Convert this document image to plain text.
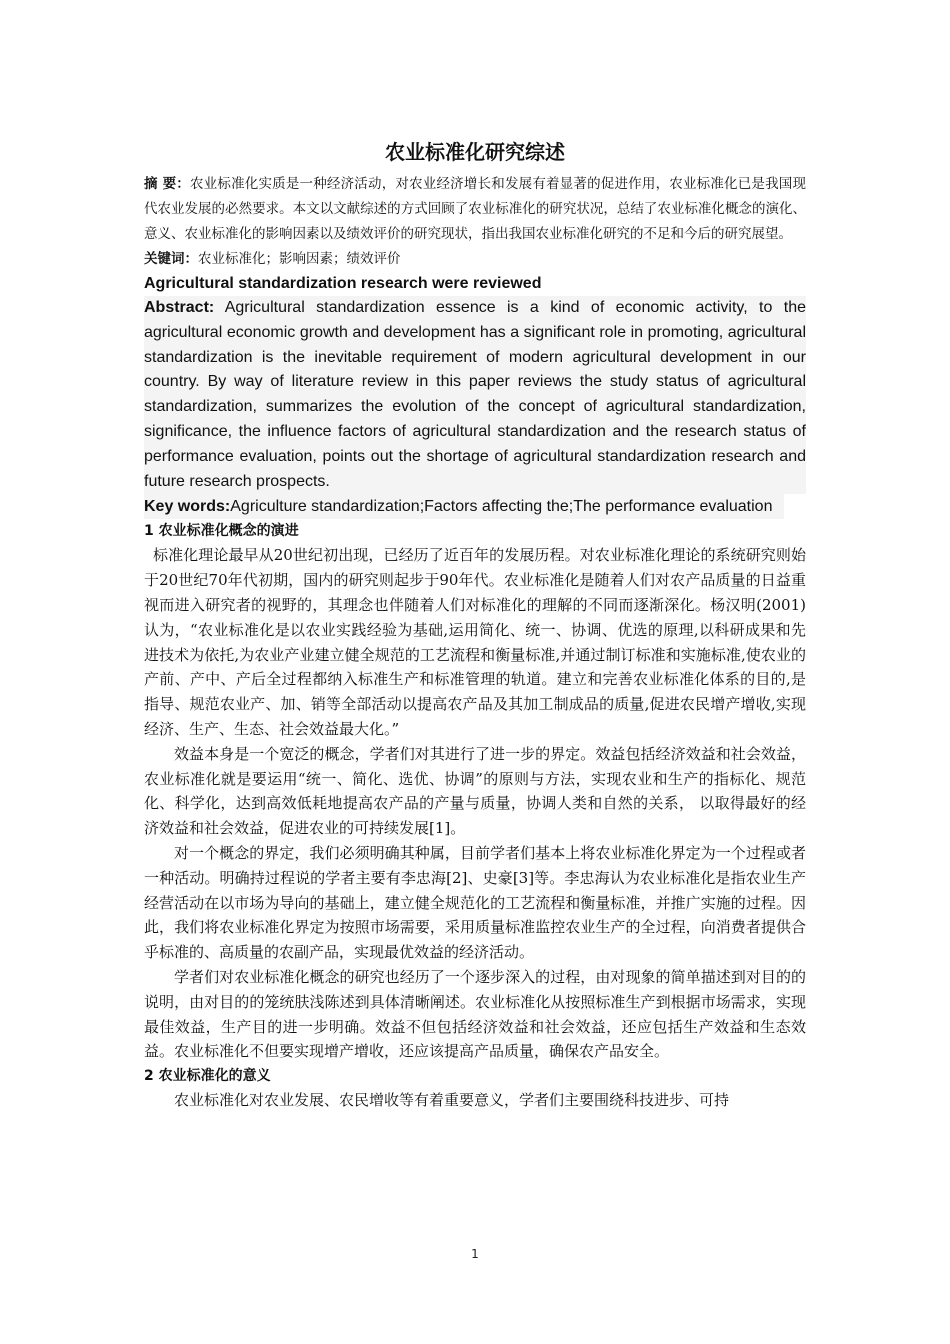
农业标准化研究综述

摘 要：农业标准化实质是一种经济活动，对农业经济增长和发展有着显著的促进作用，农业标准化已是我国现代农业发展的必然要求。本文以文献综述的方式回顾了农业标准化的研究状况，总结了农业标准化概念的演化、意义、农业标准化的影响因素以及绩效评价的研究现状，指出我国农业标准化研究的不足和今后的研究展望。

关键词：农业标准化；影响因素；绩效评价

Agricultural standardization research were reviewed

Abstract: Agricultural standardization essence is a kind of economic activity, to the agricultural economic growth and development has a significant role in promoting, agricultural standardization is the inevitable requirement of modern agricultural development in our country. By way of literature review in this paper reviews the study status of agricultural standardization, summarizes the evolution of the concept of agricultural standardization, significance, the influence factors of agricultural standardization and the research status of performance evaluation, points out the shortage of agricultural standardization research and future research prospects.

Key words:Agriculture standardization;Factors affecting the;The performance evaluation

1 农业标准化概念的演进

标准化理论最早从20世纪初出现，已经历了近百年的发展历程。对农业标准化理论的系统研究则始于20世纪70年代初期，国内的研究则起步于90年代。农业标准化是随着人们对农产品质量的日益重视而进入研究者的视野的，其理念也伴随着人们对标准化的理解的不同而逐渐深化。杨汉明(2001)认为，“农业标准化是以农业实践经验为基础,运用简化、统一、协调、优选的原理,以科研成果和先进技术为依托,为农业产业建立健全规范的工艺流程和衡量标准,并通过制订标准和实施标准,使农业的产前、产中、产后全过程都纳入标准生产和标准管理的轨道。建立和完善农业标准化体系的目的,是指导、规范农业产、加、销等全部活动以提高农产品及其加工制成品的质量,促进农民增产增收,实现经济、生产、生态、社会效益最大化。”

效益本身是一个宽泛的概念，学者们对其进行了进一步的界定。效益包括经济效益和社会效益，农业标准化就是要运用“统一、简化、选优、协调”的原则与方法，实现农业和生产的指标化、规范化、科学化，达到高效低耗地提高农产品的产量与质量，协调人类和自然的关系， 以取得最好的经济效益和社会效益，促进农业的可持续发展[1]。

对一个概念的界定，我们必须明确其种属，目前学者们基本上将农业标准化界定为一个过程或者一种活动。明确持过程说的学者主要有李忠海[2]、史豪[3]等。李忠海认为农业标准化是指农业生产经营活动在以市场为导向的基础上，建立健全规范化的工艺流程和衡量标准，并推广实施的过程。因此，我们将农业标准化界定为按照市场需要，采用质量标准监控农业生产的全过程，向消费者提供合乎标准的、高质量的农副产品，实现最优效益的经济活动。

学者们对农业标准化概念的研究也经历了一个逐步深入的过程，由对现象的简单描述到对目的的说明，由对目的的笼统肤浅陈述到具体清晰阐述。农业标准化从按照标准生产到根据市场需求，实现最佳效益，生产目的进一步明确。效益不但包括经济效益和社会效益，还应包括生产效益和生态效益。农业标准化不但要实现增产增收，还应该提高产品质量，确保农产品安全。

2 农业标准化的意义

农业标准化对农业发展、农民增收等有着重要意义，学者们主要围绕科技进步、可持

1
